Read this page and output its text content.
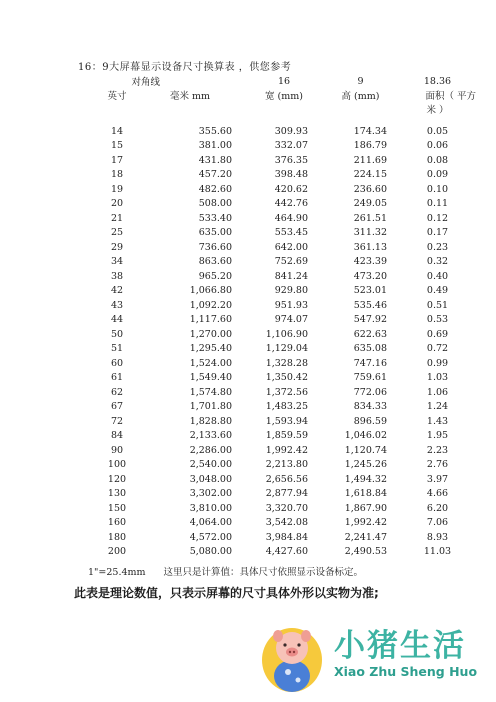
16：9大屏幕显示设备尺寸换算表 ，供您参考
对角线		16	9	18.36
英寸	毫米 mm	宽 (mm)	高 (mm)	面积（ 平方
				米 ）

14	355.60	309.93	174.34	0.05
15	381.00	332.07	186.79	0.06
17	431.80	376.35	211.69	0.08
18	457.20	398.48	224.15	0.09
19	482.60	420.62	236.60	0.10
20	508.00	442.76	249.05	0.11
21	533.40	464.90	261.51	0.12
25	635.00	553.45	311.32	0.17
29	736.60	642.00	361.13	0.23
34	863.60	752.69	423.39	0.32
38	965.20	841.24	473.20	0.40
42	1,066.80	929.80	523.01	0.49
43	1,092.20	951.93	535.46	0.51
44	1,117.60	974.07	547.92	0.53
50	1,270.00	1,106.90	622.63	0.69
51	1,295.40	1,129.04	635.08	0.72
60	1,524.00	1,328.28	747.16	0.99
61	1,549.40	1,350.42	759.61	1.03
62	1,574.80	1,372.56	772.06	1.06
67	1,701.80	1,483.25	834.33	1.24
72	1,828.80	1,593.94	896.59	1.43
84	2,133.60	1,859.59	1,046.02	1.95
90	2,286.00	1,992.42	1,120.74	2.23
100	2,540.00	2,213.80	1,245.26	2.76
120	3,048.00	2,656.56	1,494.32	3.97
130	3,302.00	2,877.94	1,618.84	4.66
150	3,810.00	3,320.70	1,867.90	6.20
160	4,064.00	3,542.08	1,992.42	7.06
180	4,572.00	3,984.84	2,241.47	8.93
200	5,080.00	4,427.60	2,490.53	11.03
1"=25.4mm 这里只是计算值：具体尺寸依照显示设备标定。
此表是理论数值，只表示屏幕的尺寸具体外形以实物为准;
小猪生活
Xiao Zhu Sheng Huo
